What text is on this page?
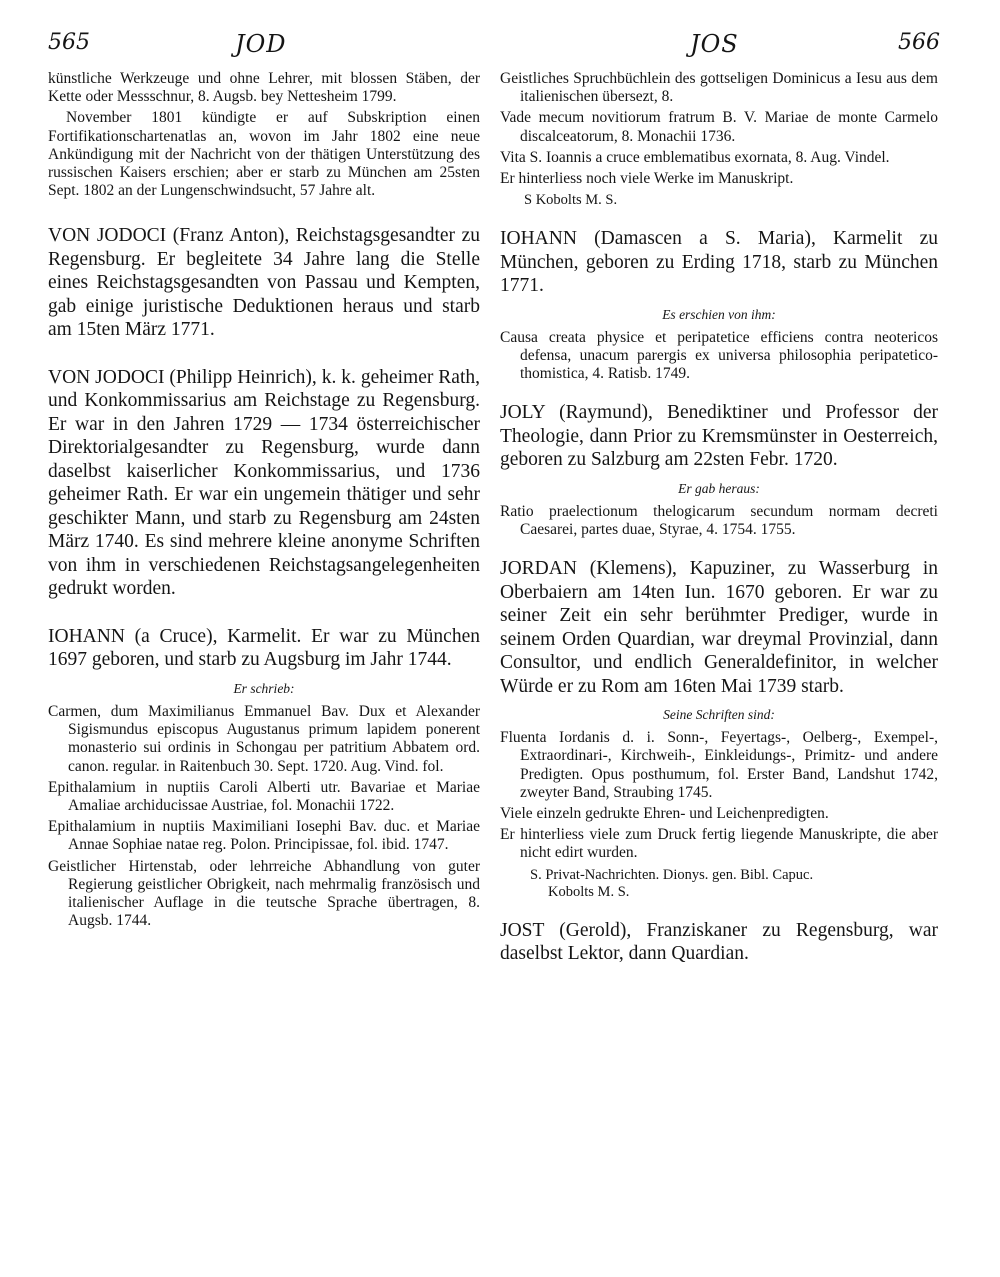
565	JOD	JOS	566

künstliche Werkzeuge und ohne Lehrer, mit blossen Stäben, der Kette oder Messschnur, 8. Augsb. bey Nettesheim 1799.

November 1801 kündigte er auf Subskription einen Fortifikationschartenatlas an, wovon im Jahr 1802 eine neue Ankündigung mit der Nachricht von der thätigen Unterstützung des russischen Kaisers erschien; aber er starb zu München am 25sten Sept. 1802 an der Lungenschwindsucht, 57 Jahre alt.

VON JODOCI (Franz Anton), Reichstagsgesandter zu Regensburg. Er begleitete 34 Jahre lang die Stelle eines Reichstagsgesandten von Passau und Kempten, gab einige juristische Deduktionen heraus und starb am 15ten März 1771.

VON JODOCI (Philipp Heinrich), k. k. geheimer Rath, und Konkommissarius am Reichstage zu Regensburg. Er war in den Jahren 1729 — 1734 österreichischer Direktorialgesandter zu Regensburg, wurde dann daselbst kaiserlicher Konkommissarius, und 1736 geheimer Rath. Er war ein ungemein thätiger und sehr geschikter Mann, und starb zu Regensburg am 24sten März 1740. Es sind mehrere kleine anonyme Schriften von ihm in verschiedenen Reichstagsangelegenheiten gedrukt worden.

IOHANN (a Cruce), Karmelit. Er war zu München 1697 geboren, und starb zu Augsburg im Jahr 1744.

Er schrieb:

Carmen, dum Maximilianus Emmanuel Bav. Dux et Alexander Sigismundus episcopus Augustanus primum lapidem ponerent monasterio sui ordinis in Schongau per patritium Abbatem ord. canon. regular. in Raitenbuch 30. Sept. 1720. Aug. Vind. fol.

Epithalamium in nuptiis Caroli Alberti utr. Bavariae et Mariae Amaliae archiducissae Austriae, fol. Monachii 1722.

Epithalamium in nuptiis Maximiliani Iosephi Bav. duc. et Mariae Annae Sophiae natae reg. Polon. Principissae, fol. ibid. 1747.

Geistlicher Hirtenstab, oder lehrreiche Abhandlung von guter Regierung geistlicher Obrigkeit, nach mehrmalig französisch und italienischer Auflage in die teutsche Sprache übertragen, 8. Augsb. 1744.

Geistliches Spruchbüchlein des gottseligen Dominicus a Iesu aus dem italienischen übersezt, 8.

Vade mecum novitiorum fratrum B. V. Mariae de monte Carmelo discalceatorum, 8. Monachii 1736.

Vita S. Ioannis a cruce emblematibus exornata, 8. Aug. Vindel.

Er hinterliess noch viele Werke im Manuskript.

S Kobolts M. S.

IOHANN (Damascen a S. Maria), Karmelit zu München, geboren zu Erding 1718, starb zu München 1771.

Es erschien von ihm:

Causa creata physice et peripatetice efficiens contra neotericos defensa, unacum parergis ex universa philosophia peripatetico-thomistica, 4. Ratisb. 1749.

JOLY (Raymund), Benediktiner und Professor der Theologie, dann Prior zu Kremsmünster in Oesterreich, geboren zu Salzburg am 22sten Febr. 1720.

Er gab heraus:

Ratio praelectionum thelogicarum secundum normam decreti Caesarei, partes duae, Styrae, 4. 1754. 1755.

JORDAN (Klemens), Kapuziner, zu Wasserburg in Oberbaiern am 14ten Iun. 1670 geboren. Er war zu seiner Zeit ein sehr berühmter Prediger, wurde in seinem Orden Quardian, war dreymal Provinzial, dann Consultor, und endlich Generaldefinitor, in welcher Würde er zu Rom am 16ten Mai 1739 starb.

Seine Schriften sind:

Fluenta Iordanis d. i. Sonn-, Feyertags-, Oelberg-, Exempel-, Extraordinari-, Kirchweih-, Einkleidungs-, Primitz- und andere Predigten. Opus posthumum, fol. Erster Band, Landshut 1742, zweyter Band, Straubing 1745.

Viele einzeln gedrukte Ehren- und Leichenpredigten.

Er hinterliess viele zum Druck fertig liegende Manuskripte, die aber nicht edirt wurden.

S. Privat-Nachrichten. Dionys. gen. Bibl. Capuc.
Kobolts M. S.

JOST (Gerold), Franziskaner zu Regensburg, war daselbst Lektor, dann Quardian.
